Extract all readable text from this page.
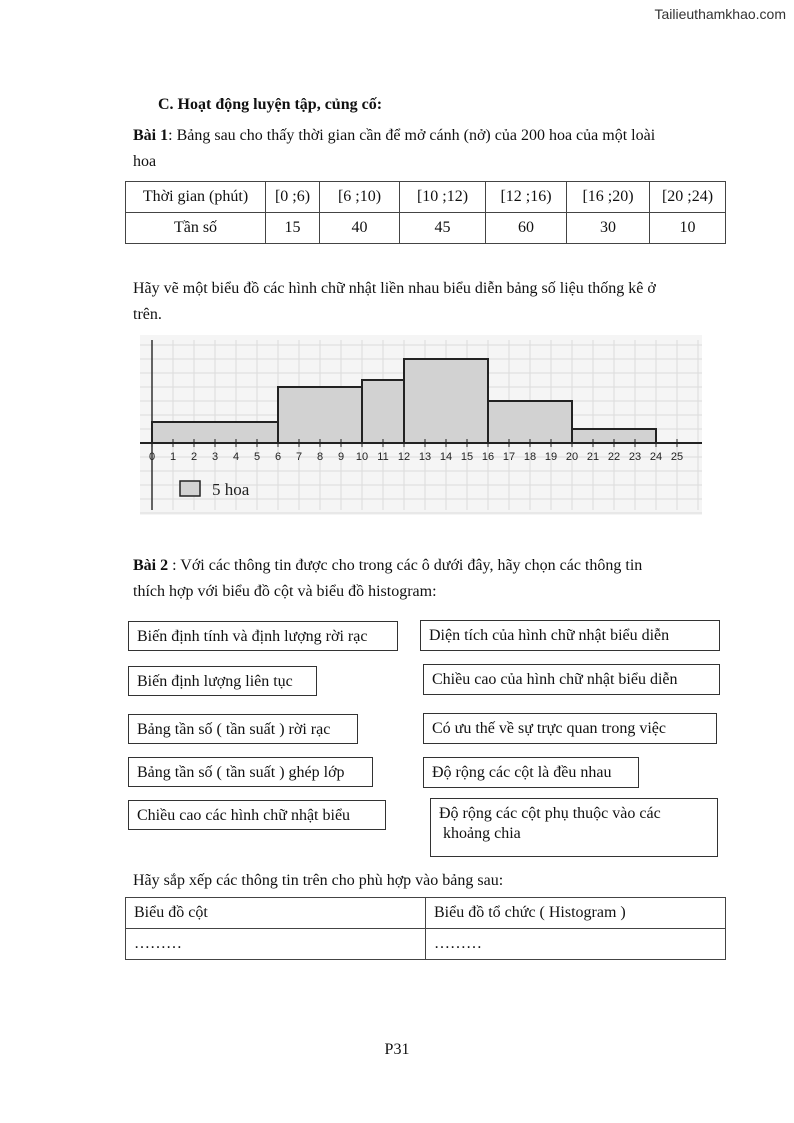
Tailieuthamkhao.com
C. Hoạt động luyện tập, củng cố:
Bài 1: Bảng sau cho thấy thời gian cần để mở cánh (nở) của 200 hoa của một loài
hoa
Thời gian (phút)	[0 ;6)	[6 ;10)	[10 ;12)	[12 ;16)	[16 ;20)	[20 ;24)
Tần số	15	40	45	60	30	10
Hãy vẽ một biểu đồ các hình chữ nhật liền nhau biểu diễn bảng số liệu thống kê ở
trên.
0 1 2 3 4 5 6 7 8 9 10 11 12 13 14 15 16 17 18 19 20 21 22 23 24 25
5 hoa
Bài 2 : Với các thông tin được cho trong các ô dưới đây, hãy chọn các thông tin
thích hợp với biểu đồ cột và biểu đồ histogram:
Biến định tính và định lượng rời rạc
Biến định lượng liên tục
Bảng tần số ( tần suất ) rời rạc
Bảng tần số ( tần suất ) ghép lớp
Chiều cao các hình chữ nhật biểu
Diện tích của hình chữ nhật biểu diễn
Chiều cao của hình chữ nhật biểu diễn
Có ưu thế về sự trực quan trong việc
Độ rộng các cột là đều nhau
Độ rộng các cột phụ thuộc vào các
khoảng chia
Hãy sắp xếp các thông tin trên cho phù hợp vào bảng sau:
Biểu đồ cột	Biểu đồ tổ chức ( Histogram )
………	………
P31
